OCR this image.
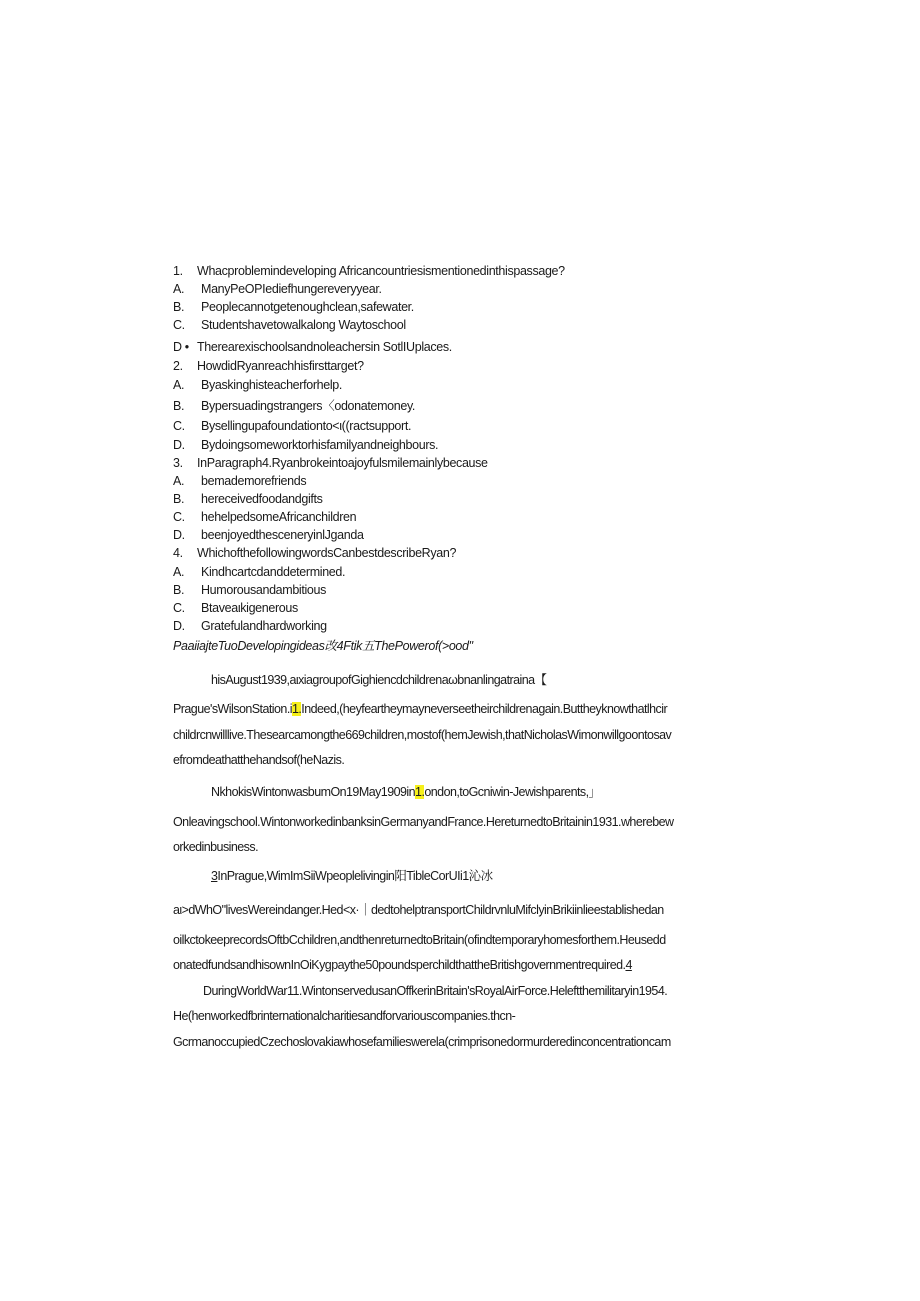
1. Whacproblemindeveloping Africancountriesismentionedinthispassage?
A. ManyPeOPIediefhungereveryyear.
B. Peoplecannotgetenoughclean,safewater.
C. Studentshavetowalkalong Waytoschool
D • Therearexischoolsandnoleachersin SotlIUplaces.
2. HowdidRyanreachhisfirsttarget?
A. Byaskinghisteacherforhelp.
B. Bypersuadingstrangers〈odonatemoney.
C. Bysellingupafoundationto<ι((ractsupport.
D. Bydoingsomeworktorhisfamilyandneighbours.
3. InParagraph4.Ryanbrokeintoajoyfulsmilemainlybecause
A. bemademorefriends
B. hereceivedfoodandgifts
C. hehelpedsomeAfricanchildren
D. beenjoyedthesceneryinlJganda
4. WhichofthefollowingwordsCanbestdescribeRyan?
A. Kindhcartcdanddetermined.
B. Humorousandambitious
C. Btaveaιkigenerous
D. Gratefulandhardworking
PaaiiajteTuoDevelopingideas改4Ftik五ThePowerof(>ood"
hisAugust1939,aιxiagroupofGighiencdchildrenaωbnanlingatraina【
Prague'sWilsonStation.i1.Indeed,(heyfeartheymayneverseetheirchildrenagain.Buttheyknowthatlhcir
childrcnwilllive.Thesearcamongthe669children,mostof(hemJewish,thatNicholasWimonwillgoontosav
efromdeathatthehandsof(heNazis.
NkhokisWintonwasbumOn19May1909in1.ondon,toGcniwin-Jewishparents,」
Onleavingschool.WintonworkedinbanksinGermanyandFrance.HereturnedtoBritainin1931.wherebew
orkedinbusiness.
3InPrague,WimImSiiWpeoplelivingin阳TibleCorUIi1沁冰
aι>dWhO"livesWereindanger.Hed<x·｜dedtohelptransportChildrvnluMifclyinBrikiinlieestablishedan
oilkctokeeprecordsOftbCchildren,andthenreturnedtoBritain(ofindtemporaryhomesforthem.Heusedd
onatedfundsandhisownInOiKygpaythe50poundsperchildthattheBritishgovernmentrequired.4
DuringWorldWar11.WintonservedusanOffkerinBritain'sRoyalAirForce.Heleftthemilitaryin1954.
He(henworkedfbrinternationalcharitiesandforvariouscompanies.thcn-
GcrmanoccupiedCzechoslovakiawhosefamilieswerela(crimprisonedormurderedinconcentrationcam
